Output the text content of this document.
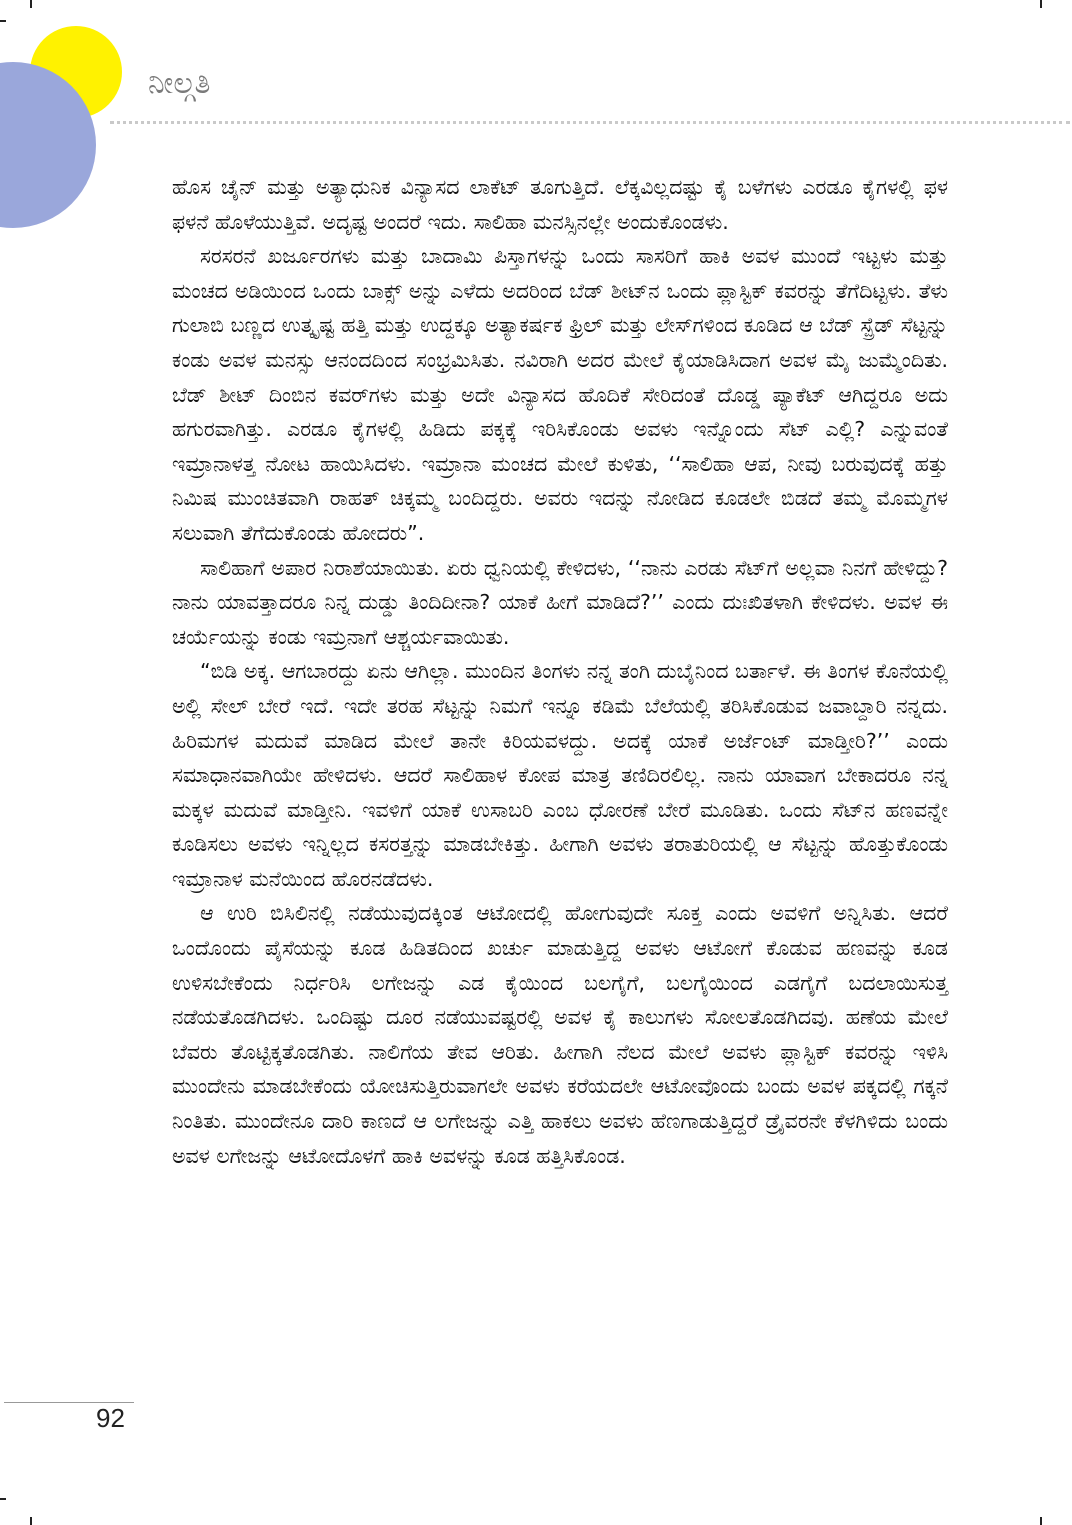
ನೀಲ್ಗತಿ

ಹೊಸ ಚೈನ್ ಮತ್ತು ಅತ್ಯಾಧುನಿಕ ವಿನ್ಯಾಸದ ಲಾಕೆಟ್ ತೂಗುತ್ತಿದೆ. ಲೆಕ್ಕವಿಲ್ಲದಷ್ಟು ಕೈ ಬಳೆಗಳು ಎರಡೂ ಕೈಗಳಲ್ಲಿ ಫಳ ಫಳನೆ ಹೊಳೆಯುತ್ತಿವೆ. ಅದೃಷ್ಟ ಅಂದರೆ ಇದು. ಸಾಲಿಹಾ ಮನಸ್ಸಿನಲ್ಲೇ ಅಂದುಕೊಂಡಳು.

ಸರಸರನೆ ಖರ್ಜೂರಗಳು ಮತ್ತು ಬಾದಾಮಿ ಪಿಸ್ತಾಗಳನ್ನು ಒಂದು ಸಾಸರಿಗೆ ಹಾಕಿ ಅವಳ ಮುಂದೆ ಇಟ್ಟಳು ಮತ್ತು ಮಂಚದ ಅಡಿಯಿಂದ ಒಂದು ಬಾಕ್ಸ್ ಅನ್ನು ಎಳೆದು ಅದರಿಂದ ಬೆಡ್ ಶೀಟ್‌ನ ಒಂದು ಪ್ಲಾಸ್ಟಿಕ್ ಕವರನ್ನು ತೆಗೆದಿಟ್ಟಳು. ತೆಳು ಗುಲಾಬಿ ಬಣ್ಣದ ಉತ್ಕೃಷ್ಟ ಹತ್ತಿ ಮತ್ತು ಉದ್ದಕ್ಕೂ ಅತ್ಯಾಕರ್ಷಕ ಫ್ರಿಲ್ ಮತ್ತು ಲೇಸ್‌ಗಳಿಂದ ಕೂಡಿದ ಆ ಬೆಡ್ ಸ್ಪ್ರೆಡ್ ಸೆಟ್ಟನ್ನು ಕಂಡು ಅವಳ ಮನಸ್ಸು ಆನಂದದಿಂದ ಸಂಭ್ರಮಿಸಿತು. ನವಿರಾಗಿ ಅದರ ಮೇಲೆ ಕೈಯಾಡಿಸಿದಾಗ ಅವಳ ಮೈ ಜುಮ್ಮೆಂದಿತು. ಬೆಡ್ ಶೀಟ್ ದಿಂಬಿನ ಕವರ್‌ಗಳು ಮತ್ತು ಅದೇ ವಿನ್ಯಾಸದ ಹೊದಿಕೆ ಸೇರಿದಂತೆ ದೊಡ್ಡ ಪ್ಯಾಕೆಟ್ ಆಗಿದ್ದರೂ ಅದು ಹಗುರವಾಗಿತ್ತು. ಎರಡೂ ಕೈಗಳಲ್ಲಿ ಹಿಡಿದು ಪಕ್ಕಕ್ಕೆ ಇರಿಸಿಕೊಂಡು ಅವಳು ಇನ್ನೊಂದು ಸೆಟ್ ಎಲ್ಲಿ? ಎನ್ನುವಂತೆ ಇಮ್ರಾನಾಳತ್ತ ನೋಟ ಹಾಯಿಸಿದಳು. ಇಮ್ರಾನಾ ಮಂಚದ ಮೇಲೆ ಕುಳಿತು, ‘‘ಸಾಲಿಹಾ ಆಪ, ನೀವು ಬರುವುದಕ್ಕೆ ಹತ್ತು ನಿಮಿಷ ಮುಂಚಿತವಾಗಿ ರಾಹತ್ ಚಿಕ್ಕಮ್ಮ ಬಂದಿದ್ದರು. ಅವರು ಇದನ್ನು ನೋಡಿದ ಕೂಡಲೇ ಬಿಡದೆ ತಮ್ಮ ಮೊಮ್ಮಗಳ ಸಲುವಾಗಿ ತೆಗೆದುಕೊಂಡು ಹೋದರು”.

ಸಾಲಿಹಾಗೆ ಅಪಾರ ನಿರಾಶೆಯಾಯಿತು. ಏರು ಧ್ವನಿಯಲ್ಲಿ ಕೇಳಿದಳು, ‘‘ನಾನು ಎರಡು ಸೆಟ್‌ಗೆ ಅಲ್ಲವಾ ನಿನಗೆ ಹೇಳಿದ್ದು? ನಾನು ಯಾವತ್ತಾದರೂ ನಿನ್ನ ದುಡ್ಡು ತಿಂದಿದೀನಾ? ಯಾಕೆ ಹೀಗೆ ಮಾಡಿದೆ?’’ ಎಂದು ದುಃಖಿತಳಾಗಿ ಕೇಳಿದಳು. ಅವಳ ಈ ಚರ್ಯೆಯನ್ನು ಕಂಡು ಇಮ್ರನಾಗೆ ಆಶ್ಚರ್ಯವಾಯಿತು.

“ಬಿಡಿ ಅಕ್ಕ. ಆಗಬಾರದ್ದು ಏನು ಆಗಿಲ್ಲಾ. ಮುಂದಿನ ತಿಂಗಳು ನನ್ನ ತಂಗಿ ದುಬೈನಿಂದ ಬರ್ತಾಳೆ. ಈ ತಿಂಗಳ ಕೊನೆಯಲ್ಲಿ ಅಲ್ಲಿ ಸೇಲ್ ಬೇರೆ ಇದೆ. ಇದೇ ತರಹ ಸೆಟ್ಟನ್ನು ನಿಮಗೆ ಇನ್ನೂ ಕಡಿಮೆ ಬೆಲೆಯಲ್ಲಿ ತರಿಸಿಕೊಡುವ ಜವಾಬ್ದಾರಿ ನನ್ನದು. ಹಿರಿಮಗಳ ಮದುವೆ ಮಾಡಿದ ಮೇಲೆ ತಾನೇ ಕಿರಿಯವಳದ್ದು. ಅದಕ್ಕೆ ಯಾಕೆ ಅರ್ಜೆಂಟ್ ಮಾಡ್ತೀರಿ?’’ ಎಂದು ಸಮಾಧಾನವಾಗಿಯೇ ಹೇಳಿದಳು. ಆದರೆ ಸಾಲಿಹಾಳ ಕೋಪ ಮಾತ್ರ ತಣಿದಿರಲಿಲ್ಲ. ನಾನು ಯಾವಾಗ ಬೇಕಾದರೂ ನನ್ನ ಮಕ್ಕಳ ಮದುವೆ ಮಾಡ್ತೀನಿ. ಇವಳಿಗೆ ಯಾಕೆ ಉಸಾಬರಿ ಎಂಬ ಧೋರಣೆ ಬೇರೆ ಮೂಡಿತು. ಒಂದು ಸೆಟ್‌ನ ಹಣವನ್ನೇ ಕೂಡಿಸಲು ಅವಳು ಇನ್ನಿಲ್ಲದ ಕಸರತ್ತನ್ನು ಮಾಡಬೇಕಿತ್ತು. ಹೀಗಾಗಿ ಅವಳು ತರಾತುರಿಯಲ್ಲಿ ಆ ಸೆಟ್ಟನ್ನು ಹೊತ್ತುಕೊಂಡು ಇಮ್ರಾನಾಳ ಮನೆಯಿಂದ ಹೊರನಡೆದಳು.

ಆ ಉರಿ ಬಿಸಿಲಿನಲ್ಲಿ ನಡೆಯುವುದಕ್ಕಿಂತ ಆಟೋದಲ್ಲಿ ಹೋಗುವುದೇ ಸೂಕ್ತ ಎಂದು ಅವಳಿಗೆ ಅನ್ನಿಸಿತು. ಆದರೆ ಒಂದೊಂದು ಪೈಸೆಯನ್ನು ಕೂಡ ಹಿಡಿತದಿಂದ ಖರ್ಚು ಮಾಡುತ್ತಿದ್ದ ಅವಳು ಆಟೋಗೆ ಕೊಡುವ ಹಣವನ್ನು ಕೂಡ ಉಳಿಸಬೇಕೆಂದು ನಿರ್ಧರಿಸಿ ಲಗೇಜನ್ನು ಎಡ ಕೈಯಿಂದ ಬಲಗೈಗೆ, ಬಲಗೈಯಿಂದ ಎಡಗೈಗೆ ಬದಲಾಯಿಸುತ್ತ ನಡೆಯತೊಡಗಿದಳು. ಒಂದಿಷ್ಟು ದೂರ ನಡೆಯುವಷ್ಟರಲ್ಲಿ ಅವಳ ಕೈ ಕಾಲುಗಳು ಸೋಲತೊಡಗಿದವು. ಹಣೆಯ ಮೇಲೆ ಬೆವರು ತೊಟ್ಟಿಕ್ಕತೊಡಗಿತು. ನಾಲಿಗೆಯ ತೇವ ಆರಿತು. ಹೀಗಾಗಿ ನೆಲದ ಮೇಲೆ ಅವಳು ಪ್ಲಾಸ್ಟಿಕ್ ಕವರನ್ನು ಇಳಿಸಿ ಮುಂದೇನು ಮಾಡಬೇಕೆಂದು ಯೋಚಿಸುತ್ತಿರುವಾಗಲೇ ಅವಳು ಕರೆಯದಲೇ ಆಟೋವೊಂದು ಬಂದು ಅವಳ ಪಕ್ಕದಲ್ಲಿ ಗಕ್ಕನೆ ನಿಂತಿತು. ಮುಂದೇನೂ ದಾರಿ ಕಾಣದೆ ಆ ಲಗೇಜನ್ನು ಎತ್ತಿ ಹಾಕಲು ಅವಳು ಹೆಣಗಾಡುತ್ತಿದ್ದರೆ ಡ್ರೈವರನೇ ಕೆಳಗಿಳಿದು ಬಂದು ಅವಳ ಲಗೇಜನ್ನು ಆಟೋದೊಳಗೆ ಹಾಕಿ ಅವಳನ್ನು ಕೂಡ ಹತ್ತಿಸಿಕೊಂಡ.

92
